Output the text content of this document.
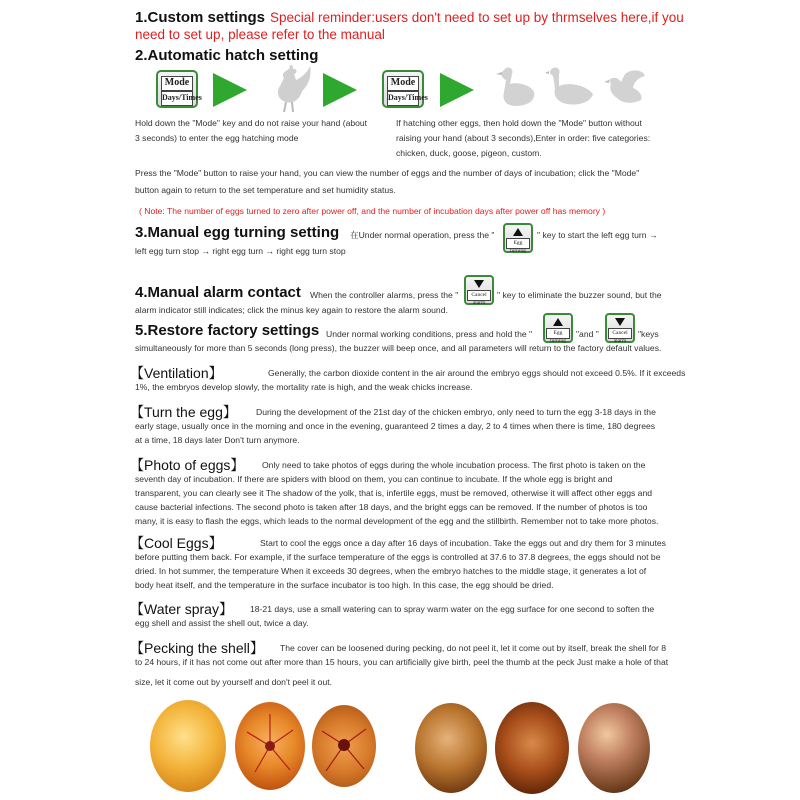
1.Custom settings Special reminder:users don't need to set up by thrmselves here,if you
need to set up, please refer to the manual
2.Automatic hatch setting
Mode
Days/Times
Mode
Days/Times
Hold down the "Mode" key and do not raise your hand (about
3 seconds) to enter the egg hatching mode
If hatching other eggs, then hold down the "Mode" button without
raising your hand (about 3 seconds),Enter in order: five categories:
chicken, duck, goose, pigeon, custom.
Press the "Mode" button to raise your hand, you can view the number of eggs and the number of days of incubation; click the "Mode"
button again to return to the set temperature and set humidity status.
( Note: The number of eggs turned to zero after power off, and the number of incubation days after power off has memory )
3.Manual egg turning setting 在Under normal operation, press the "
Egg turning
" key to start the left egg turn →
left egg turn stop → right egg turn → right egg turn stop
4.Manual alarm contact When the controller alarms, press the "	Cancel alarm
" key to eliminate the buzzer sound, but the
alarm indicator still indicates; click the minus key again to restore the alarm sound.
5.Restore factory settings Under normal working conditions, press and hold the "	Egg turning
"and "	Cancel alarm
"keys
simultaneously for more than 5 seconds (long press), the buzzer will beep once, and all parameters will return to the factory default values.
【Ventilation】	Generally, the carbon dioxide content in the air around the embryo eggs should not exceed 0.5%. If it exceeds
1%, the embryos develop slowly, the mortality rate is high, and the weak chicks increase.
【Turn the egg】 During the development of the 21st day of the chicken embryo, only need to turn the egg 3-18 days in the
early stage, usually once in the morning and once in the evening, guaranteed 2 times a day, 2 to 4 times when there is time, 180 degrees
at a time, 18 days later Don't turn anymore.
【Photo of eggs】 Only need to take photos of eggs during the whole incubation process. The first photo is taken on the
seventh day of incubation. If there are spiders with blood on them, you can continue to incubate. If the whole egg is bright and
transparent, you can clearly see it The shadow of the yolk, that is, infertile eggs, must be removed, otherwise it will affect other eggs and
cause bacterial infections. The second photo is taken after 18 days, and the bright eggs can be removed. If the number of photos is too
many, it is easy to flash the eggs, which leads to the normal development of the egg and the stillbirth. Remember not to take more photos.
【Cool Eggs】	Start to cool the eggs once a day after 16 days of incubation. Take the eggs out and dry them for 3 minutes
before putting them back. For example, if the surface temperature of the eggs is controlled at 37.6 to 37.8 degrees, the eggs should not be
dried. In hot summer, the temperature When it exceeds 30 degrees, when the embryo hatches to the middle stage, it generates a lot of
body heat itself, and the temperature in the surface incubator is too high. In this case, the egg should be dried.
【Water spray】 18-21 days, use a small watering can to spray warm water on the egg surface for one second to soften the
egg shell and assist the shell out, twice a day.
【Pecking the shell】 The cover can be loosened during pecking, do not peel it, let it come out by itself, break the shell for 8
to 24 hours, if it has not come out after more than 15 hours, you can artificially give birth, peel the thumb at the peck Just make a hole of that
size, let it come out by yourself and don't peel it out.
